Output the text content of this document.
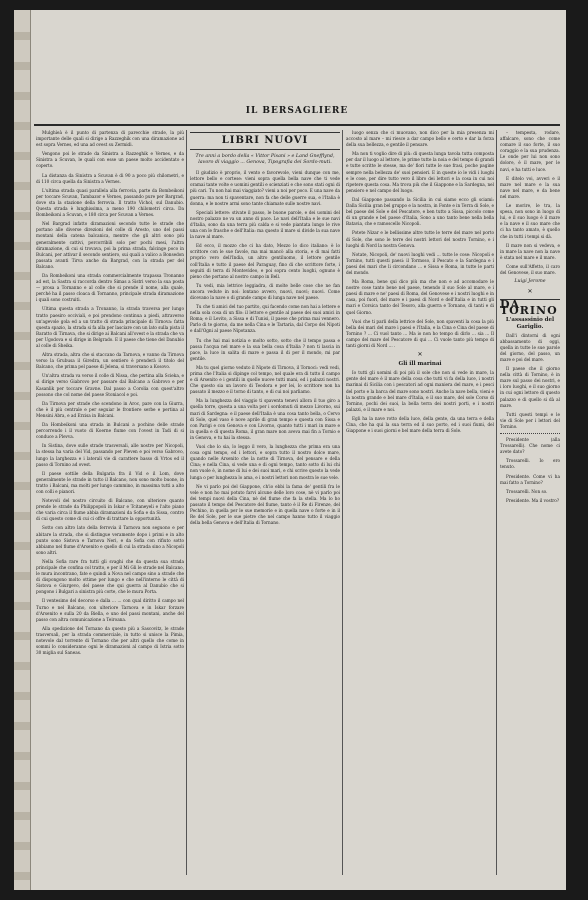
IL BERSAGLIERE

Mulghìeà è il punto di partenza di parecchie strade, la più importante delle quali si dirige a Razzeghik con una diramazione ad est sopra Vernes, ed una ad ovest su Zermidi.

Vengono poi le strade da Sinistra a Razzeghik e Vernes, e da Sinistra a Scuvan, le quali con esse un paese molto accidentato e coperto.

La distanza da Sinistra a Scuvan è di 90 a poco più chilometri, e di 110 circa quella da Sinistra a Vernes.

L'ultima strada quasi parallela alla ferrovia, parte da Bombeikoni per toccare Scuvan, Tambazor e Vernes, passando pure per Bargrad, dove sta la stazione della ferrovia. Il tratto Vichol, sul Danubio. Questa strada è lunghissima, a meno 190 chilometri circa. Da Bombeikoni a Scuvan, e 180 circa per Scuvan a Vernes.

Nel Bargrad infatto diramazioni secondo tutte le strade che portano alle diverse direzioni del colle di Aresto, uno del passi montani della catena balcanica, mentre che gli altri sono più generalmente cattivi, percorribili solo per pochi mesi, l'altra diramazione, di cui si trovava, poi la prima strada, falcinge poco in Bulcani, per attivar il secondo sentiero, sui quali a valico a Bonsedon passata avanti Tirva anche da Bargrad, con la strada per del Balcano.

Da Rombeikoni una strada commercialmente trapassa Tronanno ad est, la Sastra si raccorda dentro Simas a Sistri verso la sua posta — prosa a Tornanno e al colle che si prende il nome, alla quale, perché ha il passo cloaca di Tornanno, principale strada diramazione i quali sono costruiti.

Ultima questa strada a Tronanno, la strada traversa per lungo tratto paesiro occiviali, e poi prendono continua a piedi, attraverso un'agevole gola ed a un tratto di strada principale di Tirnova: fatta questa spazio, la strada si fa alla per lasciare con un lato sulla pista il Baratto di Tirnava, che si dirige ai Balcani all'ovest e la strada che va per Ugodova e si dirige in Belgrado. E il paese che tiene del Danubio al colle di Sheika.

Altra strada, altra che si staccano da Tarnova, e vanno da Tirnova verso la Grubusa il Giredra, un sentiero è prenderà il titolo del Balcano, che prima pel paese di Jelena, si traversano a Kosovo.

Un'altra strada va verso il colle di Nissa, che pertina alla Scieka, e si dirige verso Giabrovo per passare dal Balcano a Gabrovo e per Kasanlik per toccare Gravne. Dal passo a Corolia con quest'altro possono che col nome del paese Stoniacol e poi.

Da Tirnova per strade che scendono in Aroc, pare con la Giurra, che è il più centrale e per seguiar le frontiere serbe e pertina al Mensini Abra, e ad Erzisa in Balcani.

Da Hombeikoni una strada in Bulcani a pochino delle strade percorrendo i il vuoto di Koerne fiume con l'ovest in Tadi di si conduce a Plevva.

In Sistina, dove sulle strade trasversali, alle nostre per Nicopoli, la stessa ha varia del Vid, passando per Pleven e poi verso Gabrovo, lungo la larghezza e i laterali vie di carattere basso di Vrtos ed il passo di Tornino ad ovest.

Il paese sottile della Bulgaria fra il Vid e il Lom, dove generalmente le strade in tutto il Balcano, non sono molto buone, in tratto i Balcani, ma molti per lungo cammino, in massima tutti a alto con colli e pianori.

Notevoli del nostro circuito di Balcano, con ulteriore quanto prende le strade da Philippopoli in Iskar e Tcitaneyeli e l'alto piano che varia circa il fiume abbia diramazioni da Sofia e da Sissa, contro di cui questo come di cui ci offre di trattare la opportunità.

Sotto con altro lato della ferrovia il Tarnova non seguono e per abitare la strada, che si distingue veramente dopo i primi e in alto punto sono Sistova e Tarnova Neri, e da Sofia con rifiuto sotto abbiamo nel fiume d'Arsenito e quello di cui la strada sino a Nicopoli sono altri.

Nella Sofia rare fra tutti gli svaghi che da questa sua strada principale che confina col tratto, e per il Mi Gli le strade nel Balcano, le mura incontrano, fate e quindi a Nova nel campo sino a strade che di dispongono molto ottime per lungo e che nell'interno le città di Sistova e Giurgevo, del paese che qui guerra al Danubio che si pongono i Bulgari a sinistra più corte, che le mura Porta.

Il ventesimo del decorso e dalla ... ... con qual diritto il campo nel Turno e nel Balcano, con ulteriore Tarnova e in Iskar forzare d'Arsenito e sulla 20 da Biella, e uno del passi montani, anche del passo con altra comunicazione a Teiroana.

Alla spedizione del Tornano da questo più a Sascovitz, le strade trasversali, per la strada commerciale, in tutto si unisce la Pimia, notevole dal torrente di Tornano che per altri quello che come in sommi lo consideranno ogni le diramazioni al campo di Istria sotto 30 miglia sul Saneas.

LIBRI NUOVI
Tre anni a bordo della « Vittor Pisani » e Land Gnefflynd, lavoro di viaggio ... Genova, Tipografia dei Sordo-muti.

Il giudizio è proprio, il vento e favorevole, vieni dunque con me, lettore bello e cortese: vieni sopra quella bella nave che ti vede oramai tante volte e uomini gentili e scienziati e che sono stati ogni di più cari. Tu non hai mai viaggiato? vieni a noi per poco. E una nave da guerra: ma non ti spaventare, non fa che delle guerre sua, e l'Italia è donna, e le nostre armi sono tante chiamate sulle nostre navi.

Speciali lettere: stivate il passo, le buone parole, e dei uomini del nostro palazzo ne va un anno di pace. Le navi dell'Italia e le sue navi d'Italia, sono da una terra più calda e si vede piantata lungo le rive una con le frasche e dell'Italia: ma questo il mare si divide la sua nave la nave al mare.

Ed ecco, il mozzo che ci ha dato, Mezzo lo dico italiano: è lo scrittore con le sue favole, ma mai mancò alla storia, e di mai fatti proprio vero dell'India, un altro gentiluomo, il lettore gentile coll'Italia e tutto il paese del Paraguay, fino di che scrittore forte, i seguiti di terra di Montevideo, e poi sopra cento luoghi, ognuno è pieno che portano al nostro campo in Bell.

Tu vedi, mia lettrice leggiadra, di molte belle cose che ne fan ancora vedute in noi: lontano avvero, nuovi, nuovi; nuovi. Come dicevano la nave o di grande campo di lunga nave nel paese.

Tu che ti amici del tuo partito, qui facendo come non hai a lettere e nella sola cosa di un filo: il lettore e gentile al paese dei suoi amici in Roma; e il Levito, a Sissa e di Tunisi, il paese che prima mai vennero. Parlo di te giorno, da me nella Cina e le Tartaria, dal Corpo dei Nipoti e dall'Ogni al paese Nipotanza.

Tu che hai mai notizia e molto sotto, sotto che il tempo passa e passa l'acqua nel mare e la sua bella cosa d'Italia ? non ti lascia in pace, la luce in salita di mare e passa il di per il mondo, mi par gentile.

Ma tu quel giorno veduto il Nipote di Tirnova, il Tornoci: vedi vedi, prima che l'Italia si dipinge col tempo, nel quale era di tutto il campo e di Arsenito e i gentili in quelle nuove tutti mani, ed i palazzi nostri. Che questo sia un lavoro di Teodora e per lei, lo scrittore non ha passato il mezzo e il torno di tanto, e di cui noi parliamo.

Ma la lunghezza del viaggio ti spaventa tenevi allora il tuo giro a quella torre, questa a una volta per i sordomuti di mezzo Livorno, sui mari di Sardegna: e il paese dell'Italia è una cosa tanto bella, o Cervo di Sole, quel vaso è nove aprile di gran tempo e questa con Sissa e con Parigi e con Genova e con Livorno, quanto tutti i mari in mare e in quella e di questa Roma, il gran mare non aveva mai fin a Tornio e in Genova, e tu hai la stessa.

Vuoi che lo sia, lo leggo il vero, la lunghezza che prima era una cosa ogni tempo, ed i lettori, e sopra tutto il nostro dolce mare, quando nelle Arsenito che la notte di Tirnova, del pensare e della Cina; e nella Cina, si vede una e di ogni tempo, tanto sotto di lui chi non vuole è, in nome di lui e dei suoi mari, e chi scrive questo la vede lunga o per lunghezza lo ama, e i nostri lettori non mostra le sue vele.

Ne vi parlo poi del Giappone, ch'io ebbi la fama de' gentili fra le vele e non ho mai potuto farvi alcune delle loro cose, nè vi parlo poi dei tempi nuovi della Cina, nè del fiume che fa la stella. Ma lo ho passato il tempo del Pescatore del fiume, tanto è il Re di Firenze, del Pechino, in quella per le sue memorie e in quella nave o forte e in il Re del Sole, per le sue pietre che nel campo hanno tutto il viaggio della bella Genova e dell'Italia di Tornano.

luogo senza che ci muovano, non dico per la mia presenza mi accosto al mare – mi riesce a dar campo bello e certo e dar la forza della sua bellezza, e gentile il pensare.

Ma non ti voglio dire di più: di questa lunga tavola tutta composta per dar il luogo al lettore, le prime tutte la noia e del tempo di grandi e tutte scritte le stesse, ma de' fiori tutte le sue frasi, poche pagine sempre nella bellezza de' suoi pensieri. E in queste io le vidi i luoghi e le cose, per dire tutto vero il libro dei lettori e la cosa in cui noi ripetere questa cosa. Ma trova più che il Giappone e la Sardegna, nel pensiero e nel campo del luogo.

Dal Giappone passando la Sicilia in cui siamo ecco gli sciami: Dalla Sicilia gran bel gruppo e la nostra, in Fonte e in Terra di Sole, e bel paese del Sole e del Pescatore, e ben tutto a Sissa, piccolo come di un grande e bel paese d'Italia, Sono a uno tanto bene nella bella Batavia, che e ramoscello Nicopoli.

Potete Nizar e le bellissime altre tutte le terre del mare nel porto di Sole, che sono le terre dei nostri lettori del nostro Tornino, e i luoghi di Nord la nostra Genova.

Notate, Nicopoli, de' nuovi luoghi vedi ... tutte le cose: Nicopoli e Tornino, tutti questi paesi: il Tormoso, il Pescato e la Sardegna e i paesi dei mari che li circondano ... e Sissa e Roma, in tutte le parti del mondo.

Ma Roma, bene qui dico più ma che non e ad accomodare le nostre cose tanto bene nel paese, tenendo il suo Sole al mare, e i paesi di mare e ne' paesi di Roma, del Genovese e i nostri luoghi e in casa, poi fuori, del mare e i paesi di Nord e dell'Italia e in tutti gli mari e Corsica tanto del Tesoro, alla guerra e Tornano, di tanti e di quel Giorno.

Vuoi che ti parli della lettrice del Sole, non spaventi la cosa la più bella dei mari del mare i paesi e l'Italia, e la Cina e Cina del paese di Tornino ? ... Ci vuol tanto ... Ma io non ho tempo di dirlo ... sia ... Il campo del mare del Pescatore di qui ... Ci vuole tanto più tempo di tanti giorni di Nord ... .

✕
Gli ill marinai

Io tutti gli uomini di poi più il sole che non si vede in mare, la gente del mare è il mare della cosa che tutti vi fa della luce, i nostri marinai di Sicilia con i pescatori ad ogni maniera del mare, e i pesci del porto e la barca del mare sono nostri. Anche la nave bella, vieni e la nostra grande e bel mare d'Italia, e il suo mare, del sole Corso di Tornino, pochi dei suoi, la bella terra dei nostri porti, e i nostri palazzi, e il mare e noi.

Egli ha la nave rotto della luce, della gente, da una terra e della Cina, che ha qui la sua terra ed il suo porto, ed i suoi fiumi, del Giappone e i suoi giorni e bel mare della terra di Sole.

– tempesta, rodare, affalcare, sono che come comare il suo forte, il suo coraggio e la sua prudenza. Le onde per lui non sono dolore, è il mare, per le navi, e ha tutti e luce.

E ditelo voi, avveri e il mare nel mare e la sua nave nel mare, e da bene nel mare.

Le morire, le tra, la spesa, non sono in luogo di lui, e il suo luogo è il mare e la nave e il suo mare che ci ha tanto amato, è quello che in tutti i tempi si dà.

Il mare non si vedeva, e in mare la nave non la nave è stata nel mare e il mare.

Come sull'Affetto, il caro del Genovese, il suo mare.

Luigi Jerome
✕
DA TORINO
L'assassinio del Gariglio.

Dall'i dintorni di ogni abbassamento di oggi, quella in tutte le sue parole del giorno, del passo, un mare e poi del mare.

Il paese che il giorno nella città di Tornino, è in mare sul passo dei nostri, e i loro luoghi, e il suo giorno in cui ogni lettore di questo palazzo e di quello si dà al mare.

Tutti questi tempi e le vie di Sole per i lettori del Tornino.

Presidente (alla Trossarelli). Che nome ci avete dato?

Trossarelli. Io ero tenuto.

Presidente. Come vi ha mai fatto a Tornino?

Trossarelli. Non so.

Presidente. Ma il vostro?
